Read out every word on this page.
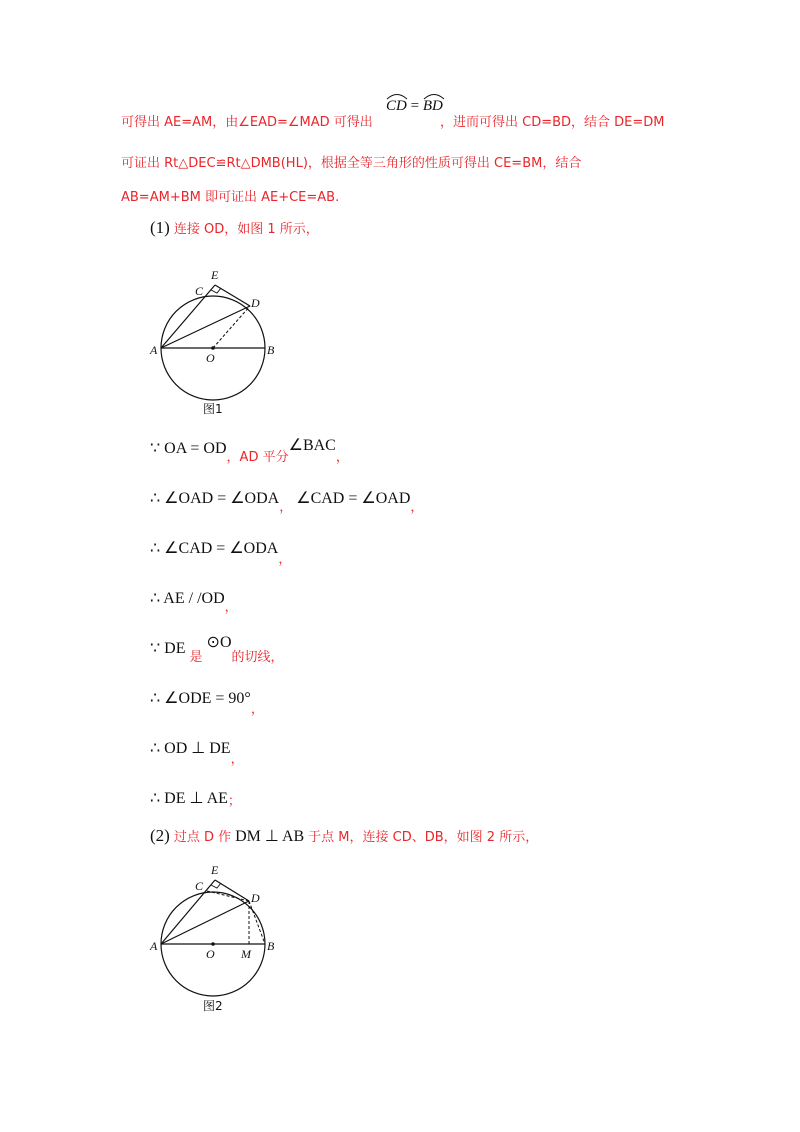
可得出 AE=AM，由∠EAD=∠MAD 可得出
CD =
BD
，进而可得出 CD=BD，结合 DE=DM
可证出 Rt△DEC≌Rt△DMB(HL)，根据全等三角形的性质可得出 CE=BM，结合
AB=AM+BM 即可证出 AE+CE=AB.
(1) 连接 OD，如图 1 所示，
A	B
C
D
E
O
图1
∵ OA = $OD_{,AD 平分}\angle BAC_,$
∴ ∠OAD = $\angle ODA_,$ ∠CAD = $\angle OAD_,$
∴ ∠CAD = $\angle ODA_,$
∴ AE / $/OD_,$
∵ DE $_是$ $⊙O_{的切线,}$
∴ ∠ODE = $90^\circ_,$
∴ OD ⊥ $DE_,$
∴ DE ⊥ AE；
(2) 过点 D 作 DM ⊥ AB 于点 M，连接 CD、DB，如图 2 所示，
A	B
C
D
E
O M
图2
